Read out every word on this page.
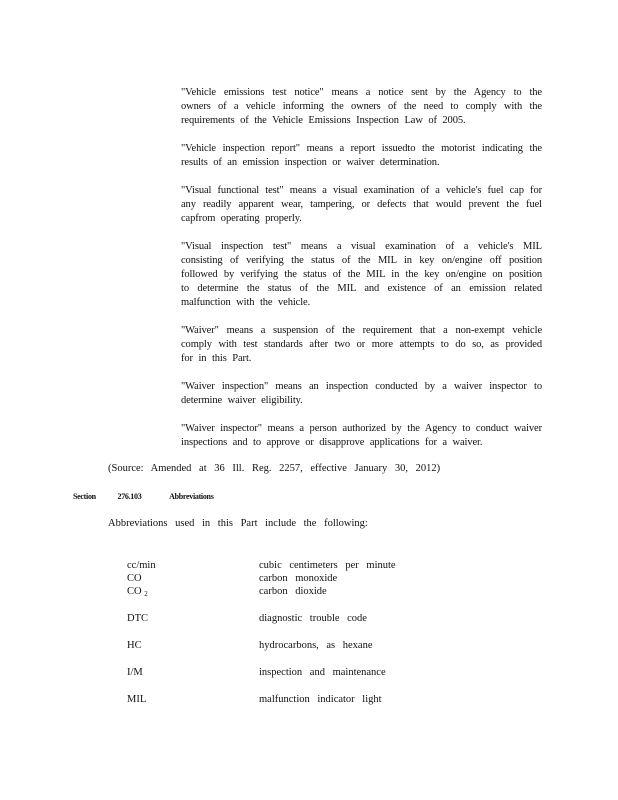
"Vehicle emissions test notice" means a notice sent by the Agency to the owners of a vehicle informing the owners of the need to comply with the requirements of the Vehicle Emissions Inspection Law of 2005.

"Vehicle inspection report" means a report issuedto the motorist indicating the results of an emission inspection or waiver determination.

"Visual functional test" means a visual examination of a vehicle's fuel cap for any readily apparent wear, tampering, or defects that would prevent the fuel capfrom operating properly.

"Visual inspection test" means a visual examination of a vehicle's MIL consisting of verifying the status of the MIL in key on/engine off position followed by verifying the status of the MIL in the key on/engine on position to determine the status of the MIL and existence of an emission related malfunction with the vehicle.

"Waiver" means a suspension of the requirement that a non-exempt vehicle comply with test standards after two or more attempts to do so, as provided for in this Part.

"Waiver inspection" means an inspection conducted by a waiver inspector to determine waiver eligibility.

"Waiver inspector" means a person authorized by the Agency to conduct waiver inspections and to approve or disapprove applications for a waiver.

(Source: Amended at 36 Ill. Reg. 2257, effective January 30, 2012)
Section	276.103	Abbreviations
Abbreviations used in this Part include the following:
cc/min	cubic centimeters per minute
CO	carbon monoxide
CO $_2$	carbon dioxide
DTC	diagnostic trouble code
HC	hydrocarbons, as hexane
I/M	inspection and maintenance
MIL	malfunction indicator light
